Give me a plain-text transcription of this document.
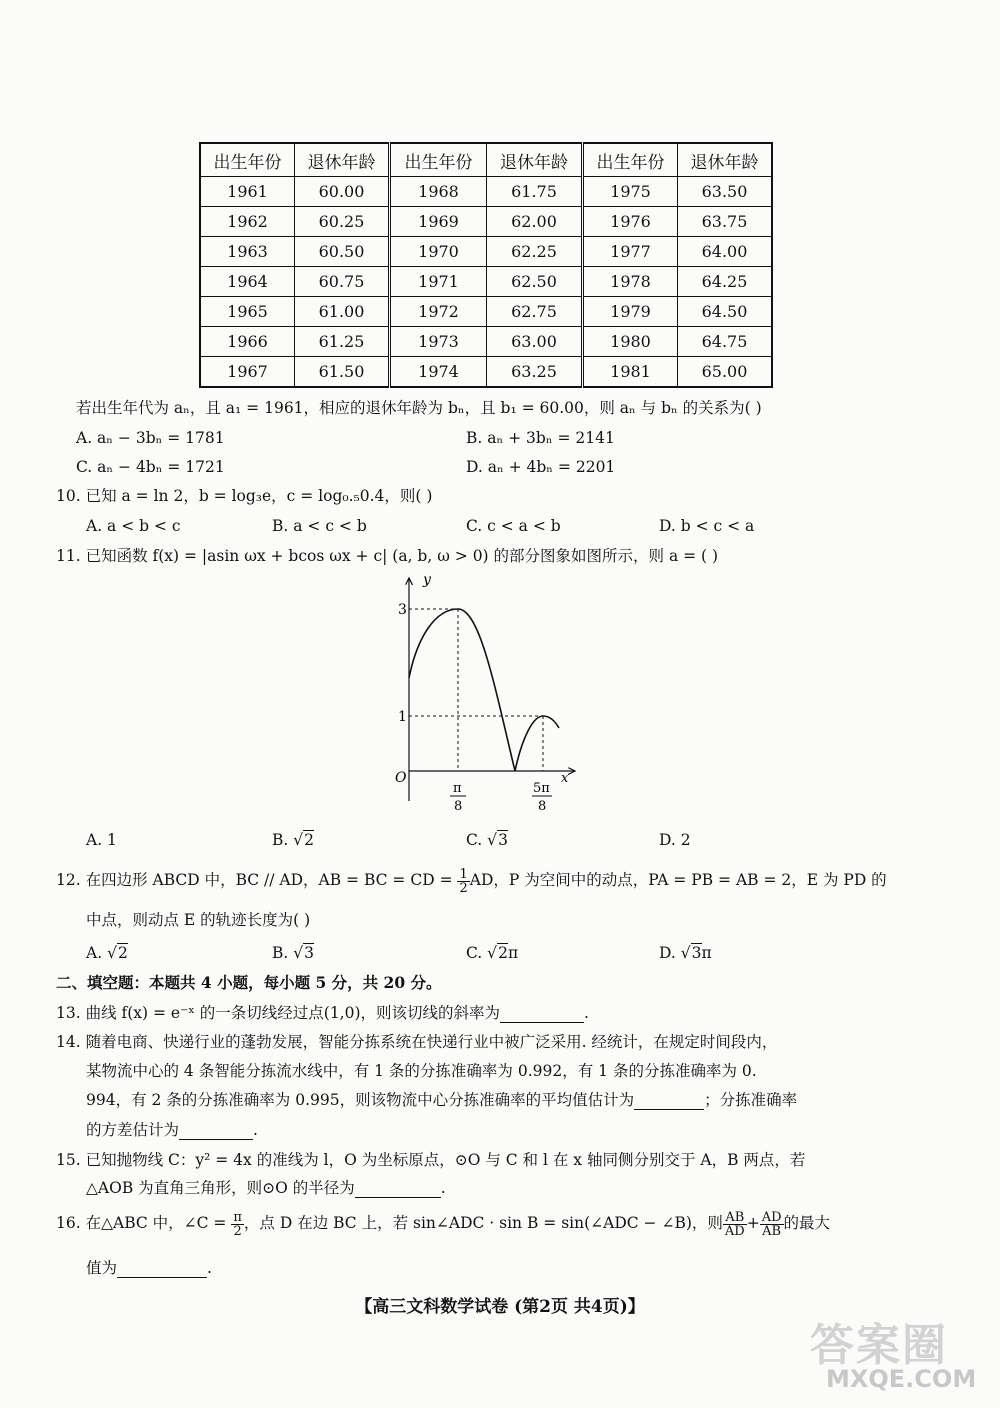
出生年份	退休年龄	出生年份	退休年龄	出生年份	退休年龄
1961	60.00	1968	61.75	1975	63.50
1962	60.25	1969	62.00	1976	63.75
1963	60.50	1970	62.25	1977	64.00
1964	60.75	1971	62.50	1978	64.25
1965	61.00	1972	62.75	1979	64.50
1966	61.25	1973	63.00	1980	64.75
1967	61.50	1974	63.25	1981	65.00
若出生年代为 aₙ，且 a₁ = 1961，相应的退休年龄为 bₙ，且 b₁ = 60.00，则 aₙ 与 bₙ 的关系为( )
A. aₙ − 3bₙ = 1781	B. aₙ + 3bₙ = 2141
C. aₙ − 4bₙ = 1721	D. aₙ + 4bₙ = 2201
10. 已知 a = ln 2，b = log₃e，c = log₀.₅0.4，则( )
A. a < b < c	B. a < c < b	C. c < a < b	D. b < c < a
11. 已知函数 f(x) = |asin ωx + bcos ωx + c| (a, b, ω > 0) 的部分图象如图所示，则 a = ( )
y
x
O
3
1
π
8
5π
8
A. 1	B. √2	C. √3	D. 2
12. 在四边形 ABCD 中，BC // AD，AB = BC = CD = $\frac{1}{2}$ AD，P 为空间中的动点，PA = PB = AB = 2，E 为 PD 的
中点，则动点 E 的轨迹长度为( )
A. √2	B. √3	C. √2π	D. √3π
二、填空题：本题共 4 小题，每小题 5 分，共 20 分。
13. 曲线 f(x) = e⁻ˣ 的一条切线经过点(1,0)，则该切线的斜率为	.
14. 随着电商、快递行业的蓬勃发展，智能分拣系统在快递行业中被广泛采用. 经统计，在规定时间段内，
某物流中心的 4 条智能分拣流水线中，有 1 条的分拣准确率为 0.992，有 1 条的分拣准确率为 0.
994，有 2 条的分拣准确率为 0.995，则该物流中心分拣准确率的平均值估计为	；分拣准确率
的方差估计为	.
15. 已知抛物线 C：y² = 4x 的准线为 l，O 为坐标原点，⊙O 与 C 和 l 在 x 轴同侧分别交于 A，B 两点，若
△AOB 为直角三角形，则⊙O 的半径为	.
16. 在△ABC 中，∠C = $\frac{\pi}{2}$ ，点 D 在边 BC 上，若 sin∠ADC · sin B = sin(∠ADC − ∠B)，则 $\frac{AB}{AD} + \frac{AD}{AB}$ 的最大
值为	.
【高三文科数学试卷 (第2页 共4页)】
答案圈
MXQE.COM
